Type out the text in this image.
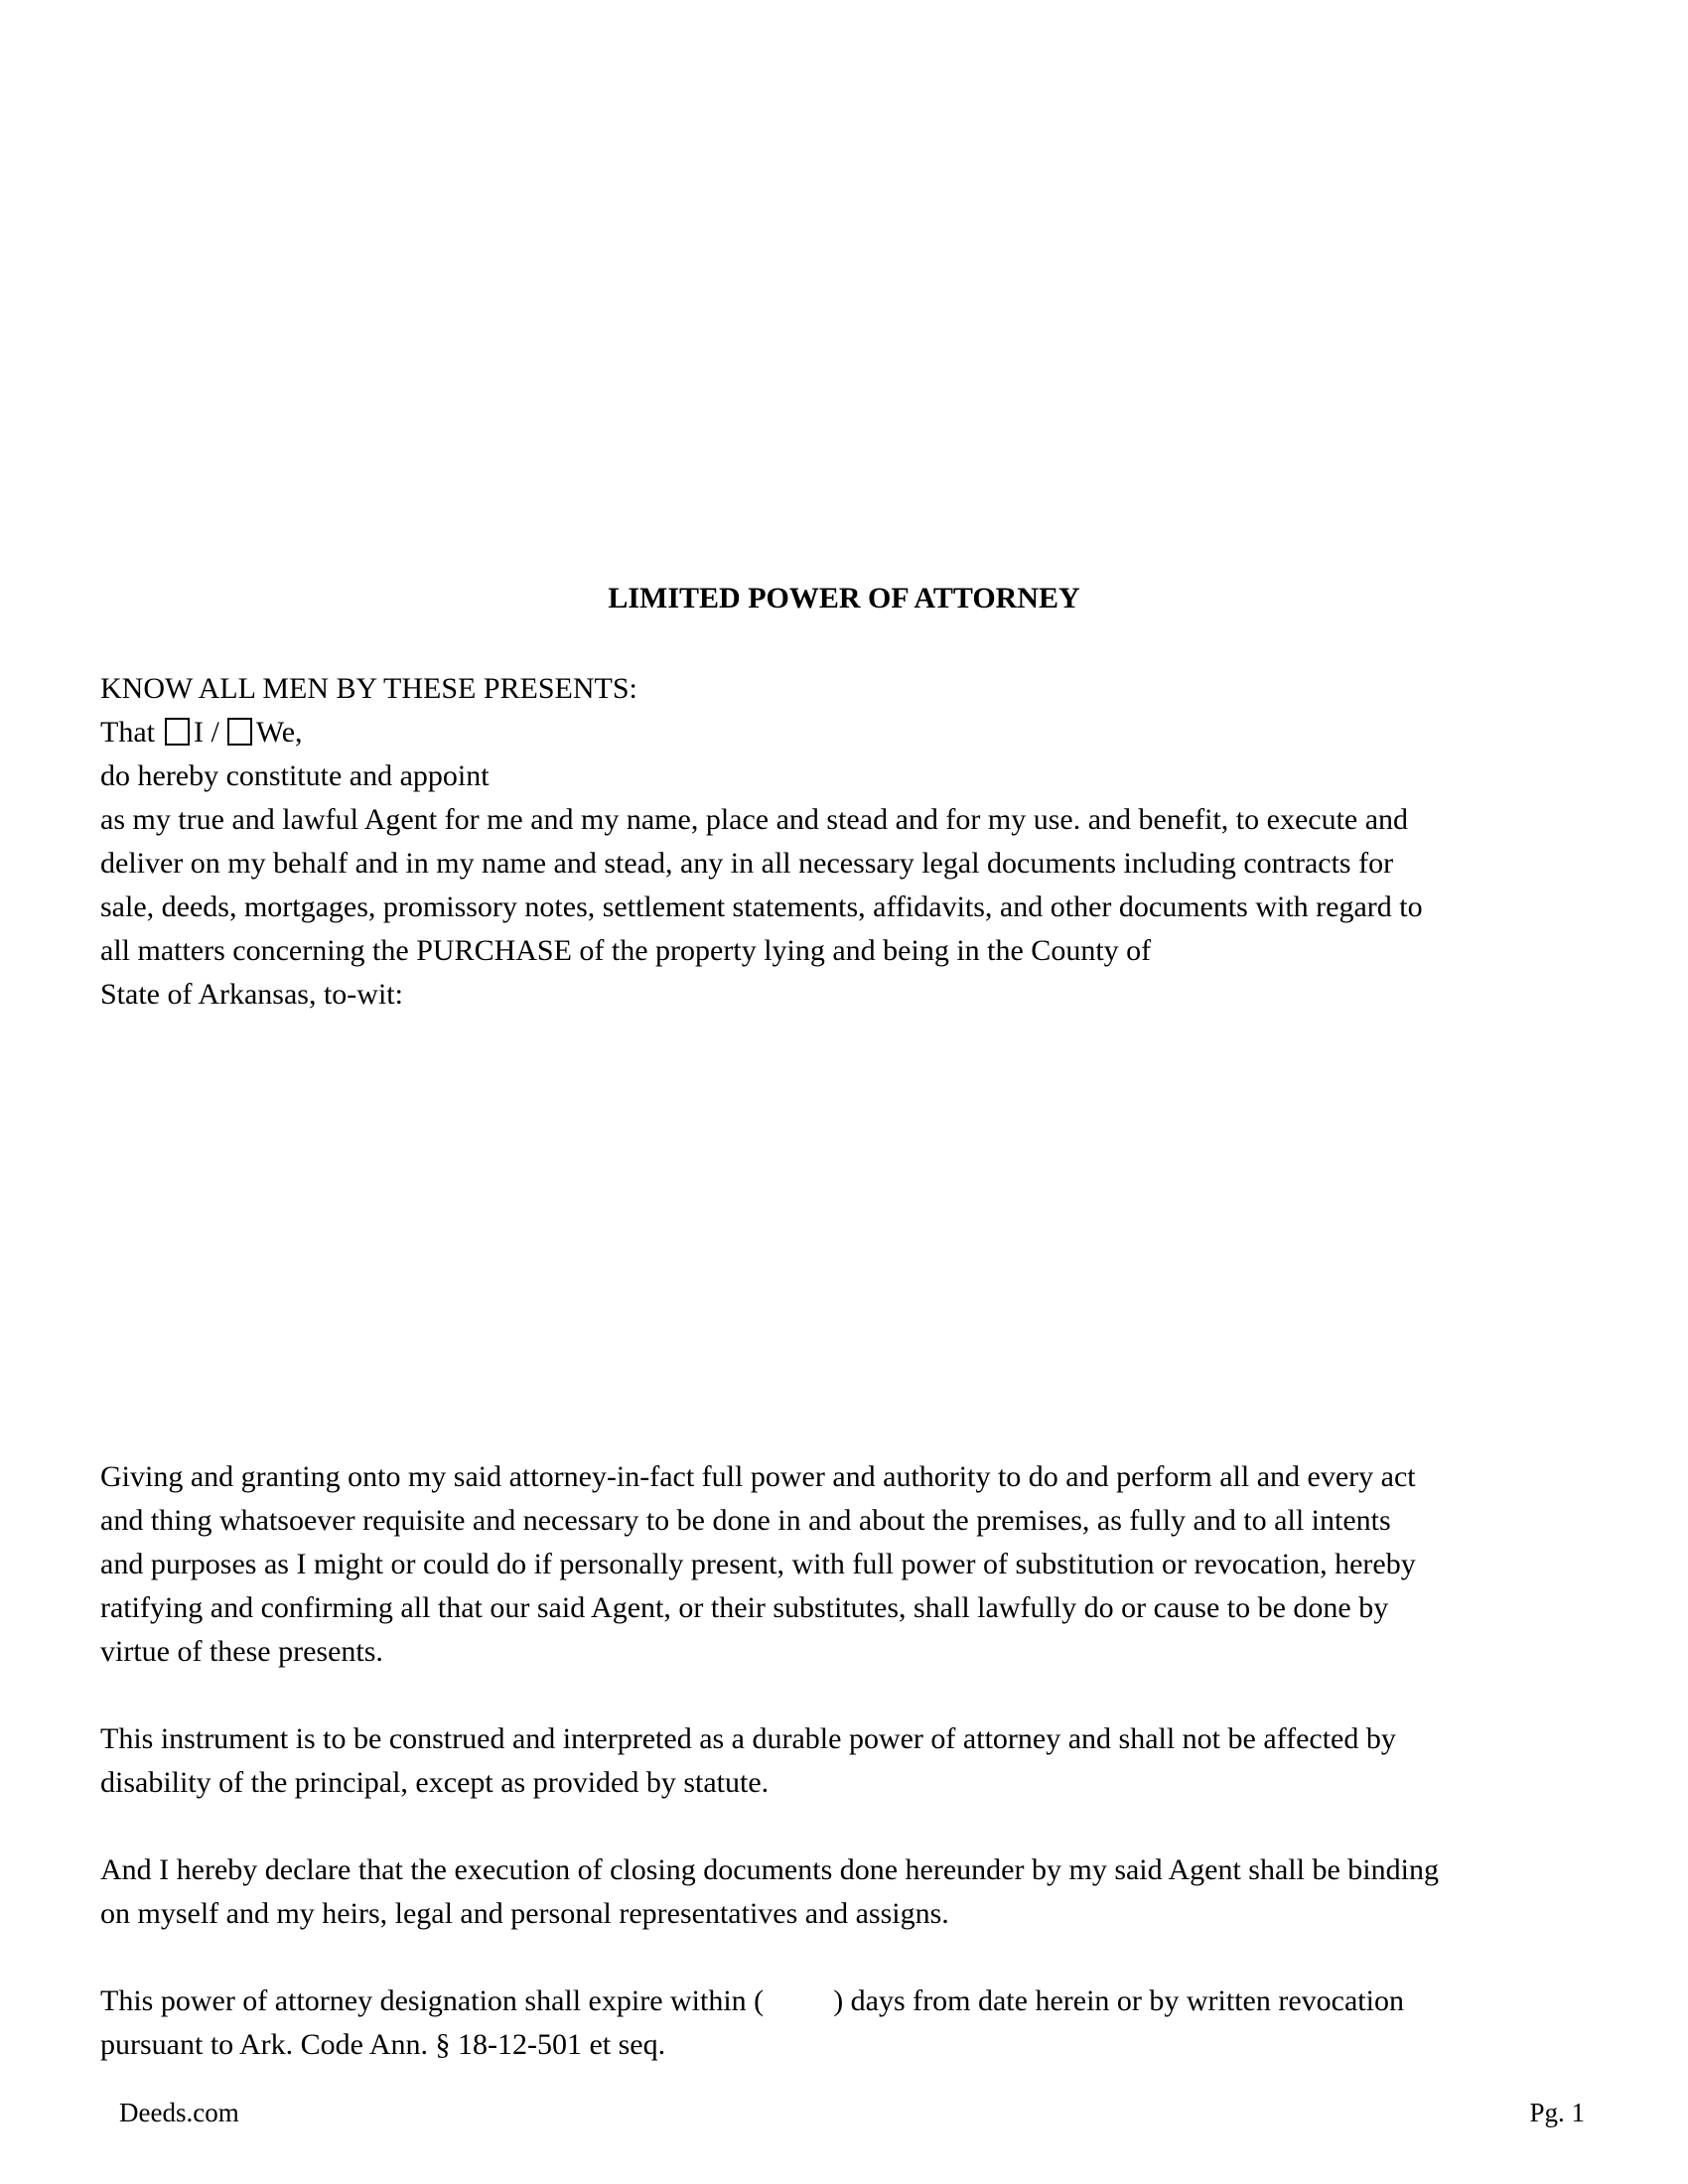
LIMITED POWER OF ATTORNEY

KNOW ALL MEN BY THESE PRESENTS:

That I / We,

do hereby constitute and appoint

as my true and lawful Agent for me and my name, place and stead and for my use. and benefit, to execute and

deliver on my behalf and in my name and stead, any in all necessary legal documents including contracts for

sale, deeds, mortgages, promissory notes, settlement statements, affidavits, and other documents with regard to

all matters concerning the PURCHASE of the property lying and being in the County of

State of Arkansas, to-wit:

Giving and granting onto my said attorney-in-fact full power and authority to do and perform all and every act

and thing whatsoever requisite and necessary to be done in and about the premises, as fully and to all intents

and purposes as I might or could do if personally present, with full power of substitution or revocation, hereby

ratifying and confirming all that our said Agent, or their substitutes, shall lawfully do or cause to be done by

virtue of these presents.

This instrument is to be construed and interpreted as a durable power of attorney and shall not be affected by

disability of the principal, except as provided by statute.

And I hereby declare that the execution of closing documents done hereunder by my said Agent shall be binding

on myself and my heirs, legal and personal representatives and assigns.

This power of attorney designation shall expire within ( ) days from date herein or by written revocation

pursuant to Ark. Code Ann. § 18-12-501 et seq.

Deeds.com	Pg. 1
